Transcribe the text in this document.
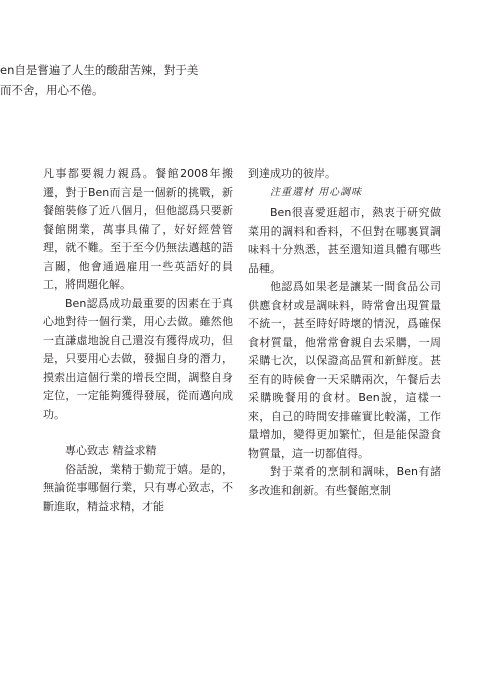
en自是嘗遍了人生的酸甜苦辣，對于美

而不舍，用心不倦。

凡事都要親力親爲。餐館2008年搬遷，對于Ben而言是一個新的挑戰，新餐館裝修了近八個月，但他認爲只要新餐館開業，萬事具備了，好好經營管理，就不難。至于至今仍無法邁越的語言關，他會通過雇用一些英語好的員工，將問題化解。

Ben認爲成功最重要的因素在于真心地對待一個行業，用心去做。雖然他一直謙虛地說自己還沒有獲得成功，但是，只要用心去做，發掘自身的潛力，摸索出這個行業的增長空間，調整自身定位，一定能夠獲得發展，從而邁向成功。

專心致志 精益求精

俗話說，業精于勤荒于嬉。是的，無論從事哪個行業，只有專心致志，不斷進取，精益求精，才能

到達成功的彼岸。

注重選材 用心調味

Ben很喜愛逛超市，熱衷于研究做菜用的調料和香料，不但對在哪裏買調味料十分熟悉，甚至還知道具體有哪些品種。

他認爲如果老是讓某一間食品公司供應食材或是調味料，時常會出現質量不統一，甚至時好時壞的情況，爲確保食材質量，他常常會親自去采購，一周采購七次，以保證高品質和新鮮度。甚至有的時候會一天采購兩次，午餐后去采購晚餐用的食材。Ben說，這樣一來，自己的時間安排確實比較滿，工作量增加，變得更加繁忙，但是能保證食物質量，這一切都值得。

對于菜肴的烹制和調味，Ben有諸多改進和創新。有些餐館烹制
